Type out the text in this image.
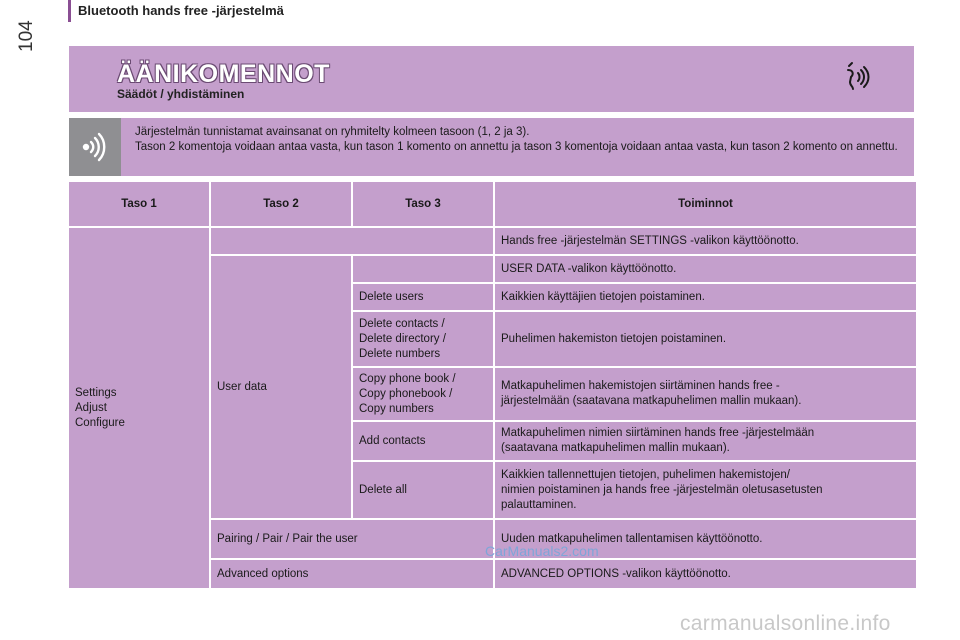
Bluetooth hands free -järjestelmä
104
ÄÄNIKOMENNOT
Säädöt / yhdistäminen
Järjestelmän tunnistamat avainsanat on ryhmitelty kolmeen tasoon (1, 2 ja 3).
Tason 2 komentoja voidaan antaa vasta, kun tason 1 komento on annettu ja tason 3 komentoja voidaan antaa vasta, kun tason 2 komento on annettu.
Taso 1	Taso 2	Taso 3	Toiminnot
Settings
Adjust
Configure			Hands free -järjestelmän SETTINGS -valikon käyttöönotto.
	User data		USER DATA -valikon käyttöönotto.
		Delete users	Kaikkien käyttäjien tietojen poistaminen.
		Delete contacts /
Delete directory /
Delete numbers	Puhelimen hakemiston tietojen poistaminen.
		Copy phone book /
Copy phonebook /
Copy numbers	Matkapuhelimen hakemistojen siirtäminen hands free -
järjestelmään (saatavana matkapuhelimen mallin mukaan).
		Add contacts	Matkapuhelimen nimien siirtäminen hands free -järjestelmään
(saatavana matkapuhelimen mallin mukaan).
		Delete all	Kaikkien tallennettujen tietojen, puhelimen hakemistojen/
nimien poistaminen ja hands free -järjestelmän oletusasetusten
palauttaminen.
	Pairing / Pair / Pair the user		Uuden matkapuhelimen tallentamisen käyttöönotto.
	Advanced options		ADVANCED OPTIONS -valikon käyttöönotto.
CarManuals2.com
carmanualsonline.info
